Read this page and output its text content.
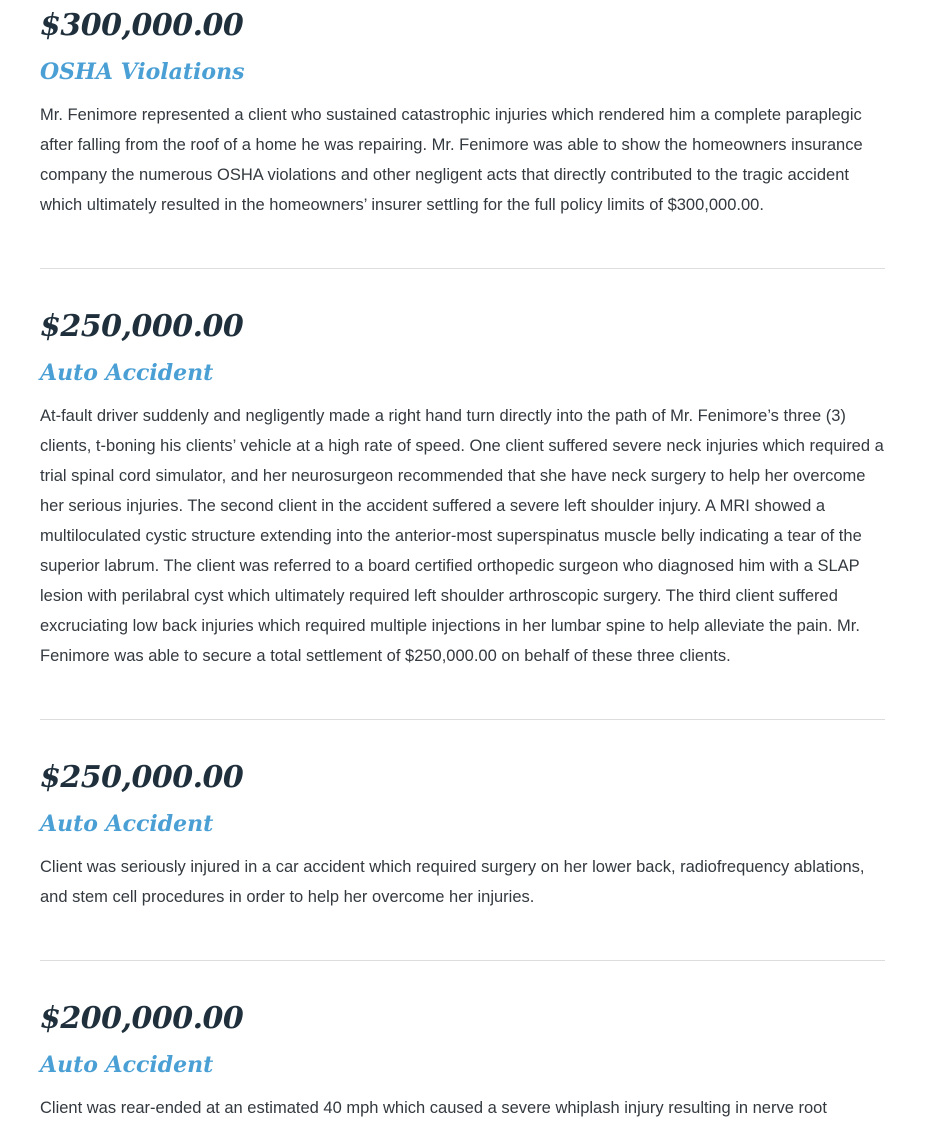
$300,000.00
OSHA Violations

Mr. Fenimore represented a client who sustained catastrophic injuries which rendered him a complete paraplegic after falling from the roof of a home he was repairing. Mr. Fenimore was able to show the homeowners insurance company the numerous OSHA violations and other negligent acts that directly contributed to the tragic accident which ultimately resulted in the homeowners’ insurer settling for the full policy limits of $300,000.00.

$250,000.00
Auto Accident

At-fault driver suddenly and negligently made a right hand turn directly into the path of Mr. Fenimore’s three (3) clients, t-boning his clients’ vehicle at a high rate of speed. One client suffered severe neck injuries which required a trial spinal cord simulator, and her neurosurgeon recommended that she have neck surgery to help her overcome her serious injuries. The second client in the accident suffered a severe left shoulder injury. A MRI showed a multiloculated cystic structure extending into the anterior-most superspinatus muscle belly indicating a tear of the superior labrum. The client was referred to a board certified orthopedic surgeon who diagnosed him with a SLAP lesion with perilabral cyst which ultimately required left shoulder arthroscopic surgery. The third client suffered excruciating low back injuries which required multiple injections in her lumbar spine to help alleviate the pain. Mr. Fenimore was able to secure a total settlement of $250,000.00 on behalf of these three clients.

$250,000.00
Auto Accident

Client was seriously injured in a car accident which required surgery on her lower back, radiofrequency ablations, and stem cell procedures in order to help her overcome her injuries.

$200,000.00
Auto Accident

Client was rear-ended at an estimated 40 mph which caused a severe whiplash injury resulting in nerve root
